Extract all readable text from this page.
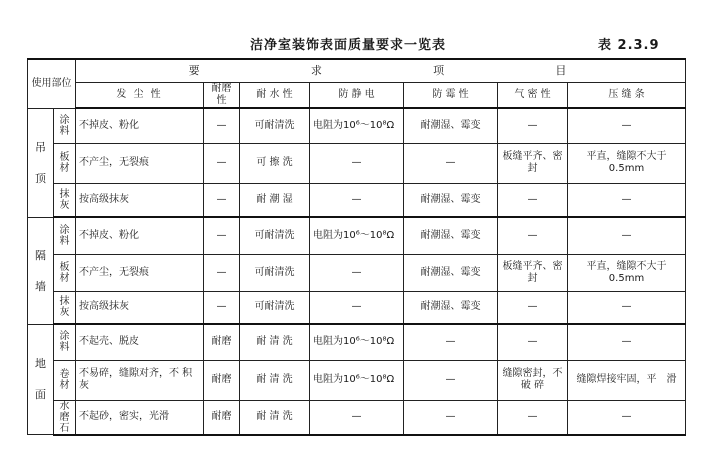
洁净室装饰表面质量要求一览表	表 2.3.9
使用部位		要 求 项 目						

		发 尘 性	耐磨性	耐 水 性	防 静 电	防 霉 性	气 密 性	压 缝 条

吊
顶	涂料	不掉皮、粉化	—	可耐清洗	电阻为10⁶～10⁸Ω	耐潮湿、霉变	—	—
	板材	不产尘，无裂痕	—	可 擦 洗	—	—	板缝平齐、密　封	平直，缝隙不大于0.5mm
	抹灰	按高级抹灰	—	耐 潮 湿	—	耐潮湿、霉变	—	—

隔
墙	涂料	不掉皮、粉化	—	可耐清洗	电阻为10⁶～10⁸Ω	耐潮湿、霉变	—	—
	板材	不产尘，无裂痕	—	可耐清洗	—	耐潮湿、霉变	板缝平齐、密　封	平直，缝隙不大于0.5mm
	抹灰	按高级抹灰	—	可耐清洗	—	耐潮湿、霉变	—	—

地
面	涂料	不起壳、脱皮	耐磨	耐 清 洗	电阻为10⁶～10⁸Ω	—	—	—
	卷材	不易碎，缝隙对齐，不 积 灰	耐磨	耐 清 洗	电阻为10⁶～10⁸Ω	—	缝隙密封，不 破 碎	缝隙焊接牢固，平　滑
	水磨石	不起砂，密实，光滑	耐磨	耐 清 洗	—	—	—	—
